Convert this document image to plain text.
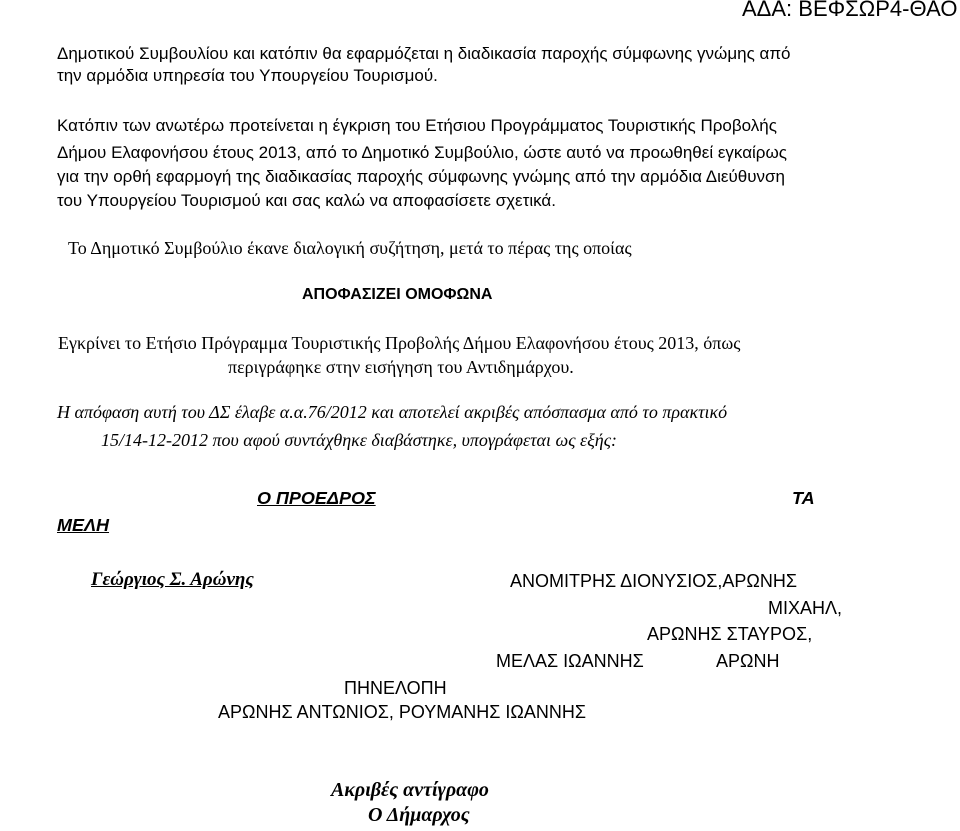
ΑΔΑ: ΒΕΦΣΩΡ4-ΘΑΟ
Δημοτικού Συμβουλίου και κατόπιν θα εφαρμόζεται η διαδικασία παροχής σύμφωνης γνώμης από
την αρμόδια υπηρεσία του Υπουργείου Τουρισμού.
Κατόπιν των ανωτέρω προτείνεται η έγκριση του Ετήσιου Προγράμματος Τουριστικής Προβολής
Δήμου Ελαφονήσου έτους 2013, από το Δημοτικό Συμβούλιο, ώστε αυτό να προωθηθεί εγκαίρως
για την ορθή εφαρμογή της διαδικασίας παροχής σύμφωνης γνώμης από την αρμόδια Διεύθυνση
του Υπουργείου Τουρισμού και σας καλώ να αποφασίσετε σχετικά.
Το Δημοτικό Συμβούλιο έκανε διαλογική συζήτηση, μετά το πέρας της οποίας
ΑΠΟΦΑΣΙΖΕΙ ΟΜΟΦΩΝΑ
Εγκρίνει το Ετήσιο Πρόγραμμα Τουριστικής Προβολής Δήμου Ελαφονήσου έτους 2013, όπως
περιγράφηκε στην εισήγηση του Αντιδημάρχου.
Η απόφαση αυτή του ΔΣ έλαβε α.α.76/2012 και αποτελεί ακριβές απόσπασμα από το πρακτικό
15/14-12-2012 που αφού συντάχθηκε διαβάστηκε, υπογράφεται ως εξής:
Ο ΠΡΟΕΔΡΟΣ	ΤΑ
ΜΕΛΗ
Γεώργιος Σ. Αρώνης	ΑΝΟΜΙΤΡΗΣ ΔΙΟΝΥΣΙΟΣ,ΑΡΩΝΗΣ
ΜΙΧΑΗΛ,
ΑΡΩΝΗΣ ΣΤΑΥΡΟΣ,
ΜΕΛΑΣ ΙΩΑΝΝΗΣ	ΑΡΩΝΗ
ΠΗΝΕΛΟΠΗ
ΑΡΩΝΗΣ ΑΝΤΩΝΙΟΣ, ΡΟΥΜΑΝΗΣ ΙΩΑΝΝΗΣ
Ακριβές αντίγραφο
Ο Δήμαρχος
